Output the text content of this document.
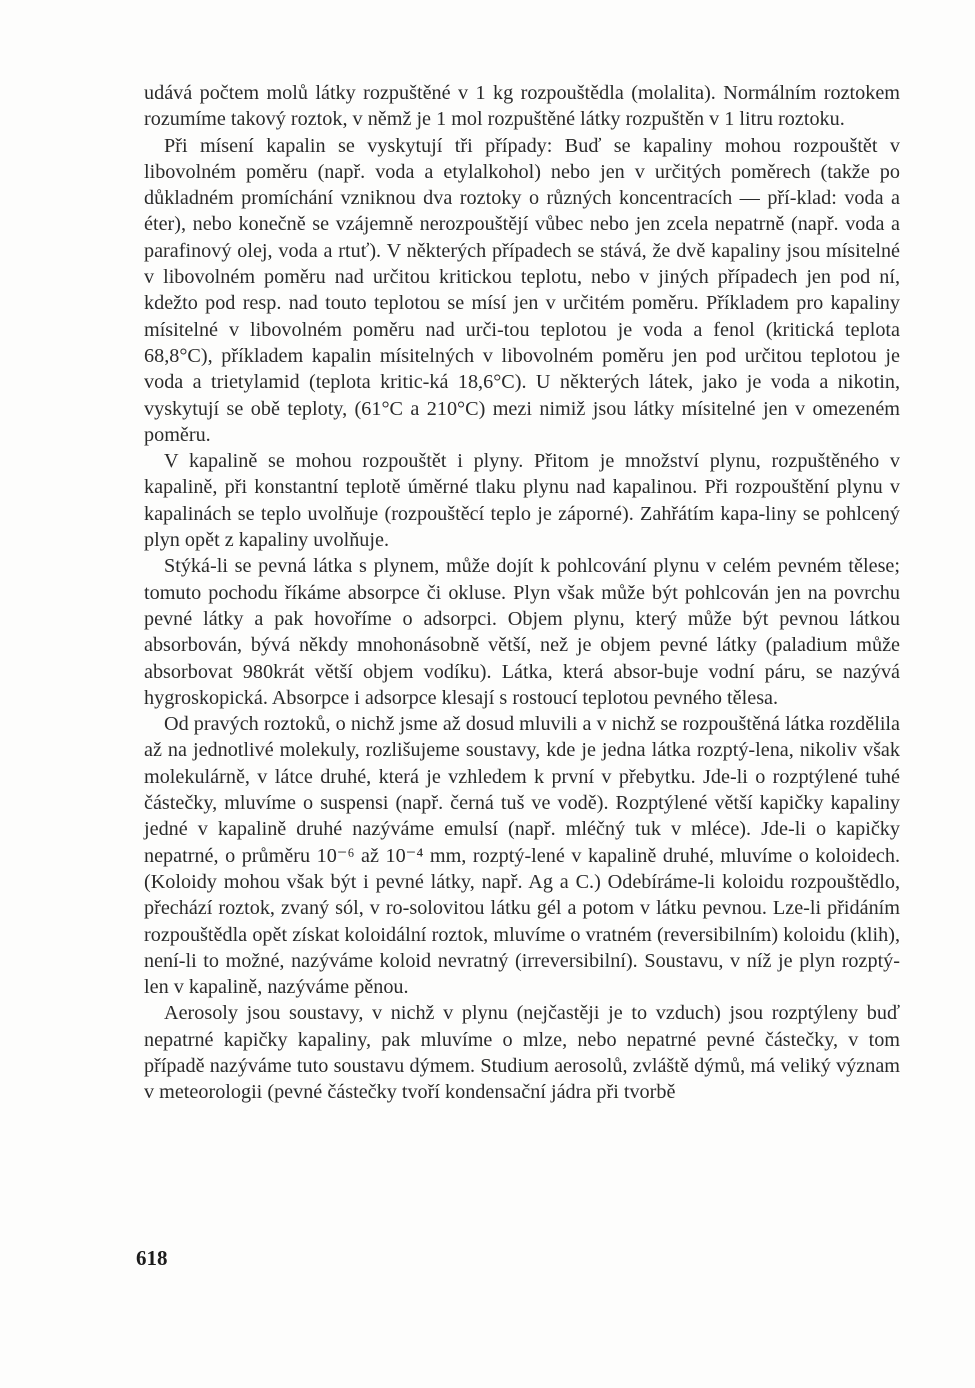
udává počtem molů látky rozpuštěné v 1 kg rozpouštědla (molalita). Normálním roztokem rozumíme takový roztok, v němž je 1 mol rozpuštěné látky rozpuštěn v 1 litru roztoku.

Při mísení kapalin se vyskytují tři případy: Buď se kapaliny mohou rozpouštět v libovolném poměru (např. voda a etylalkohol) nebo jen v určitých poměrech (takže po důkladném promíchání vzniknou dva roztoky o různých koncentracích — pří-klad: voda a éter), nebo konečně se vzájemně nerozpouštějí vůbec nebo jen zcela nepatrně (např. voda a parafinový olej, voda a rtuť). V některých případech se stává, že dvě kapaliny jsou mísitelné v libovolném poměru nad určitou kritickou teplotu, nebo v jiných případech jen pod ní, kdežto pod resp. nad touto teplotou se mísí jen v určitém poměru. Příkladem pro kapaliny mísitelné v libovolném poměru nad urči-tou teplotou je voda a fenol (kritická teplota 68,8°C), příkladem kapalin mísitelných v libovolném poměru jen pod určitou teplotou je voda a trietylamid (teplota kritic-ká 18,6°C). U některých látek, jako je voda a nikotin, vyskytují se obě teploty, (61°C a 210°C) mezi nimiž jsou látky mísitelné jen v omezeném poměru.

V kapalině se mohou rozpouštět i plyny. Přitom je množství plynu, rozpuštěného v kapalině, při konstantní teplotě úměrné tlaku plynu nad kapalinou. Při rozpouštění plynu v kapalinách se teplo uvolňuje (rozpouštěcí teplo je záporné). Zahřátím kapa-liny se pohlcený plyn opět z kapaliny uvolňuje.

Stýká-li se pevná látka s plynem, může dojít k pohlcování plynu v celém pevném tělese; tomuto pochodu říkáme absorpce či okluse. Plyn však může být pohlcován jen na povrchu pevné látky a pak hovoříme o adsorpci. Objem plynu, který může být pevnou látkou absorbován, bývá někdy mnohonásobně větší, než je objem pevné látky (paladium může absorbovat 980krát větší objem vodíku). Látka, která absor-buje vodní páru, se nazývá hygroskopická. Absorpce i adsorpce klesají s rostoucí teplotou pevného tělesa.

Od pravých roztoků, o nichž jsme až dosud mluvili a v nichž se rozpouštěná látka rozdělila až na jednotlivé molekuly, rozlišujeme soustavy, kde je jedna látka rozptý-lena, nikoliv však molekulárně, v látce druhé, která je vzhledem k první v přebytku. Jde-li o rozptýlené tuhé částečky, mluvíme o suspensi (např. černá tuš ve vodě). Rozptýlené větší kapičky kapaliny jedné v kapalině druhé nazýváme emulsí (např. mléčný tuk v mléce). Jde-li o kapičky nepatrné, o průměru 10⁻⁶ až 10⁻⁴ mm, rozptý-lené v kapalině druhé, mluvíme o koloidech. (Koloidy mohou však být i pevné látky, např. Ag a C.) Odebíráme-li koloidu rozpouštědlo, přechází roztok, zvaný sól, v ro-solovitou látku gél a potom v látku pevnou. Lze-li přidáním rozpouštědla opět získat koloidální roztok, mluvíme o vratném (reversibilním) koloidu (klih), není-li to možné, nazýváme koloid nevratný (irreversibilní). Soustavu, v níž je plyn rozptý-len v kapalině, nazýváme pěnou.

Aerosoly jsou soustavy, v nichž v plynu (nejčastěji je to vzduch) jsou rozptýleny buď nepatrné kapičky kapaliny, pak mluvíme o mlze, nebo nepatrné pevné částečky, v tom případě nazýváme tuto soustavu dýmem. Studium aerosolů, zvláště dýmů, má veliký význam v meteorologii (pevné částečky tvoří kondensační jádra při tvorbě

618
